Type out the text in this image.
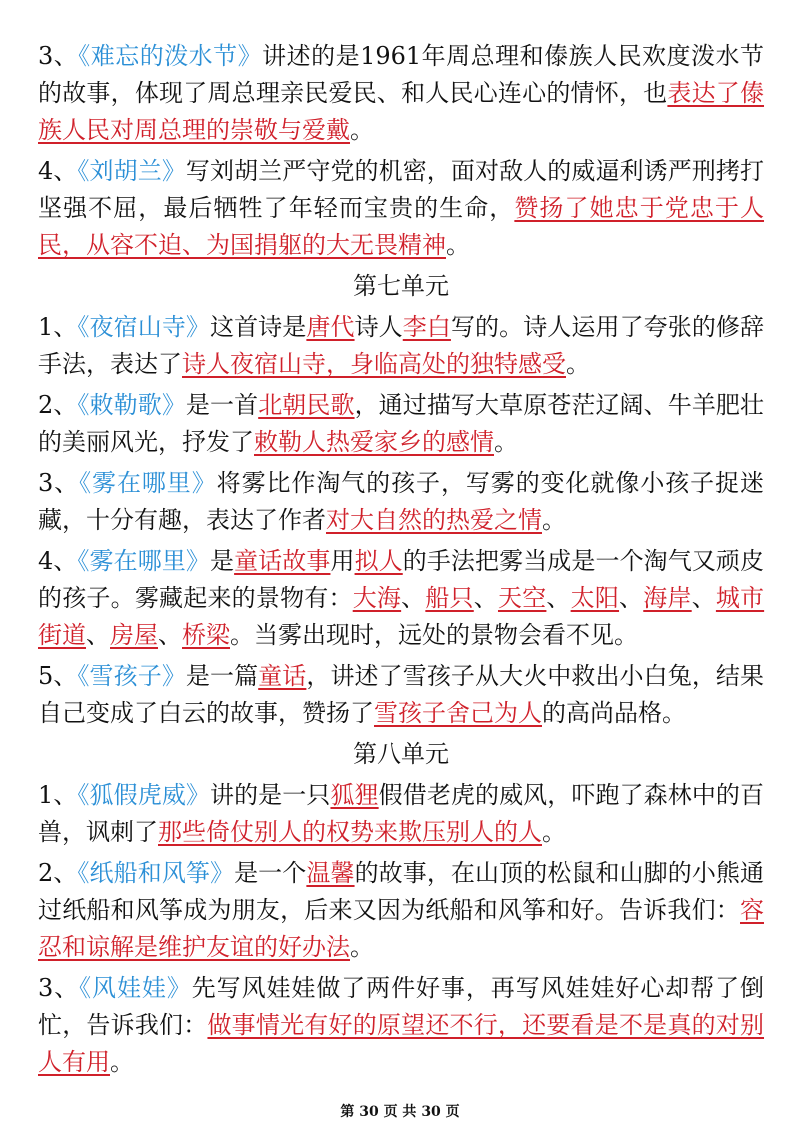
3、《难忘的泼水节》讲述的是1961年周总理和傣族人民欢度泼水节的故事，体现了周总理亲民爱民、和人民心连心的情怀，也表达了傣族人民对周总理的崇敬与爱戴。
4、《刘胡兰》写刘胡兰严守党的机密，面对敌人的威逼利诱严刑拷打坚强不屈，最后牺牲了年轻而宝贵的生命，赞扬了她忠于党忠于人民，从容不迫、为国捐躯的大无畏精神。
第七单元
1、《夜宿山寺》这首诗是唐代诗人李白写的。诗人运用了夸张的修辞手法，表达了诗人夜宿山寺，身临高处的独特感受。
2、《敕勒歌》是一首北朝民歌，通过描写大草原苍茫辽阔、牛羊肥壮的美丽风光，抒发了敕勒人热爱家乡的感情。
3、《雾在哪里》将雾比作淘气的孩子，写雾的变化就像小孩子捉迷藏，十分有趣，表达了作者对大自然的热爱之情。
4、《雾在哪里》是童话故事用拟人的手法把雾当成是一个淘气又顽皮的孩子。雾藏起来的景物有：大海、船只、天空、太阳、海岸、城市街道、房屋、桥梁。当雾出现时，远处的景物会看不见。
5、《雪孩子》是一篇童话，讲述了雪孩子从大火中救出小白兔，结果自己变成了白云的故事，赞扬了雪孩子舍己为人的高尚品格。
第八单元
1、《狐假虎威》讲的是一只狐狸假借老虎的威风，吓跑了森林中的百兽，讽刺了那些倚仗别人的权势来欺压别人的人。
2、《纸船和风筝》是一个温馨的故事，在山顶的松鼠和山脚的小熊通过纸船和风筝成为朋友，后来又因为纸船和风筝和好。告诉我们：容忍和谅解是维护友谊的好办法。
3、《风娃娃》先写风娃娃做了两件好事，再写风娃娃好心却帮了倒忙，告诉我们：做事情光有好的原望还不行，还要看是不是真的对别人有用。
第 30 页 共 30 页
